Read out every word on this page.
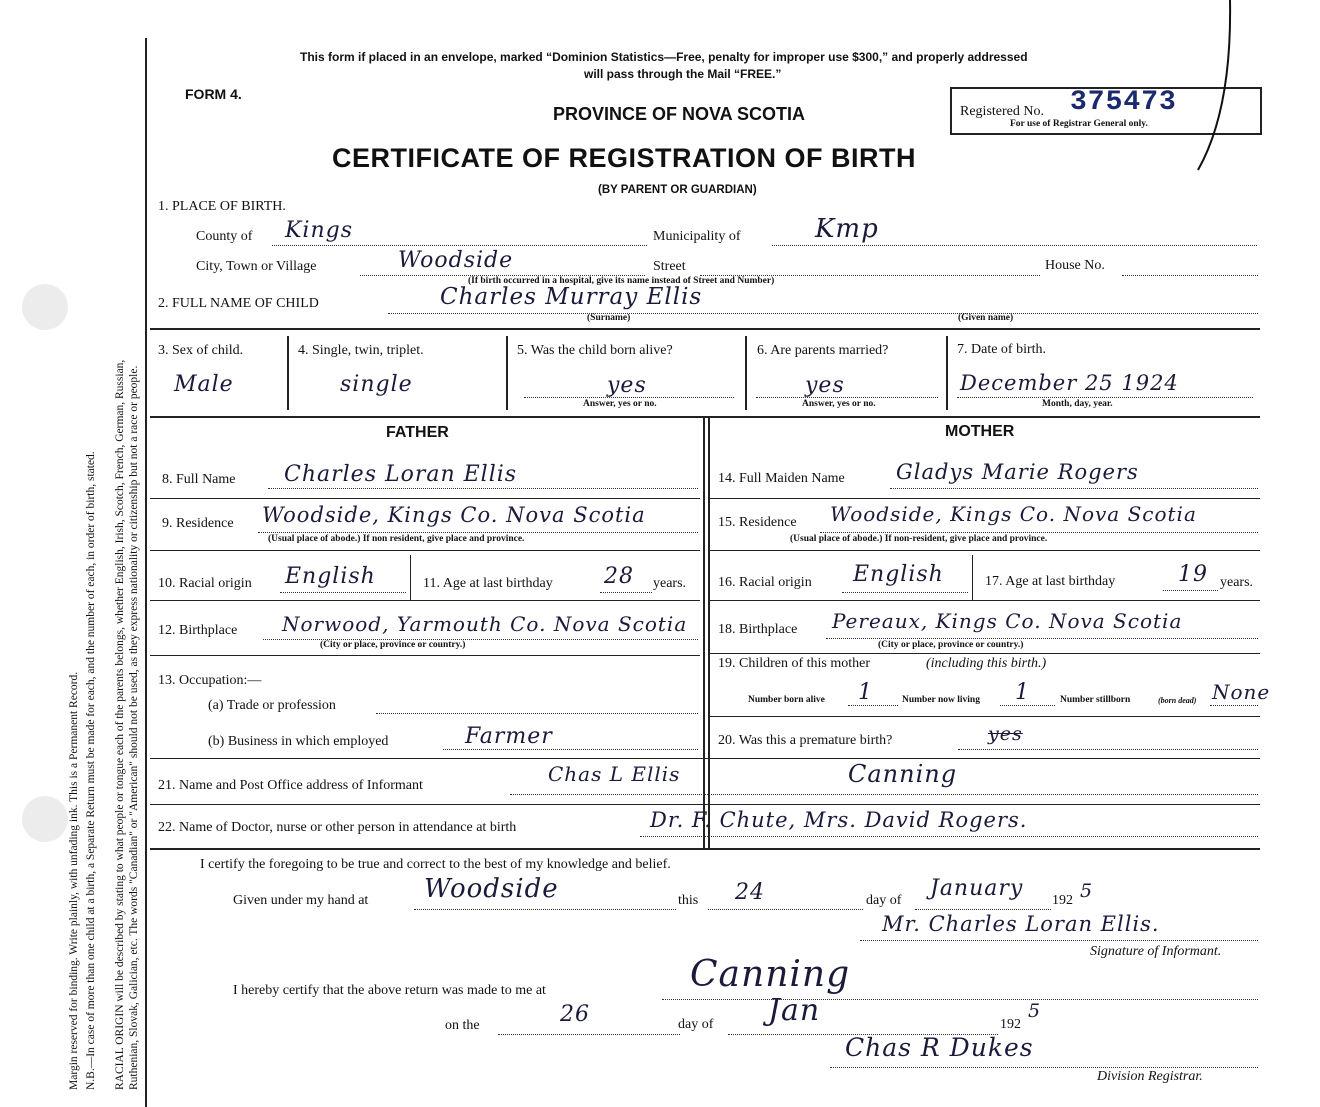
Margin reserved for binding. Write plainly, with unfading ink. This is a Permanent Record. N.B.—In case of more than one child at a birth, a Separate Return must be made for each, and the number of each, in order of birth, stated. RACIAL ORIGIN will be described by stating to what people or tongue each of the parents belongs, whether English, Irish, Scotch, French, German, Russian, Ruthenian, Slovak, Galician, etc. The words "Canadian" or "American" should not be used, as they express nationality or citizenship but not a race or people.
This form if placed in an envelope, marked “Dominion Statistics—Free, penalty for improper use $300,” and properly addressed
will pass through the Mail “FREE.”
FORM 4.
PROVINCE OF NOVA SCOTIA
CERTIFICATE OF REGISTRATION OF BIRTH
(BY PARENT OR GUARDIAN)
Registered No. 375473
For use of Registrar General only.
1. PLACE OF BIRTH.
County of Kings	Municipality of	Kmp
City, Town or Village	Woodside
(If birth occurred in a hospital, give its name instead of Street and Number)
Street	House No.
2. FULL NAME OF CHILD	Charles Murray Ellis
(Surname)	(Given name)
3. Sex of child.
Male
4. Single, twin, triplet.
single
5. Was the child born alive?
yes
Answer, yes or no.
6. Are parents married?
yes
Answer, yes or no.
7. Date of birth.
December 25 1924
Month, day, year.
FATHER	MOTHER
8. Full Name Charles Loran Ellis
9. Residence Woodside, Kings Co. Nova Scotia
(Usual place of abode.) If non resident, give place and province.
10. Racial origin English	11. Age at last birthday 28 years.
12. Birthplace Norwood, Yarmouth Co. Nova Scotia
(City or place, province or country.)
13. Occupation:—
(a) Trade or profession
(b) Business in which employed	Farmer
14. Full Maiden Name Gladys Marie Rogers
15. Residence Woodside, Kings Co. Nova Scotia
(Usual place of abode.) If non-resident, give place and province.
16. Racial origin English	17. Age at last birthday	19 years.
18. Birthplace Pereaux, Kings Co. Nova Scotia
(City or place, province or country.)
19. Children of this mother	(including this birth.)
Number born alive 1	Number now living 1	Number stillborn	(born dead) None
20. Was this a premature birth?	yes
21. Name and Post Office address of Informant	Chas L Ellis	Canning
22. Name of Doctor, nurse or other person in attendance at birth	Dr. F. Chute, Mrs. David Rogers.
I certify the foregoing to be true and correct to the best of my knowledge and belief.
Given under my hand at Woodside	this 24	day of January 192 5
Mr. Charles Loran Ellis.
Signature of Informant.
I hereby certify that the above return was made to me at	Canning
on the	26	day of Jan	192
5
Chas R Dukes
Division Registrar.
